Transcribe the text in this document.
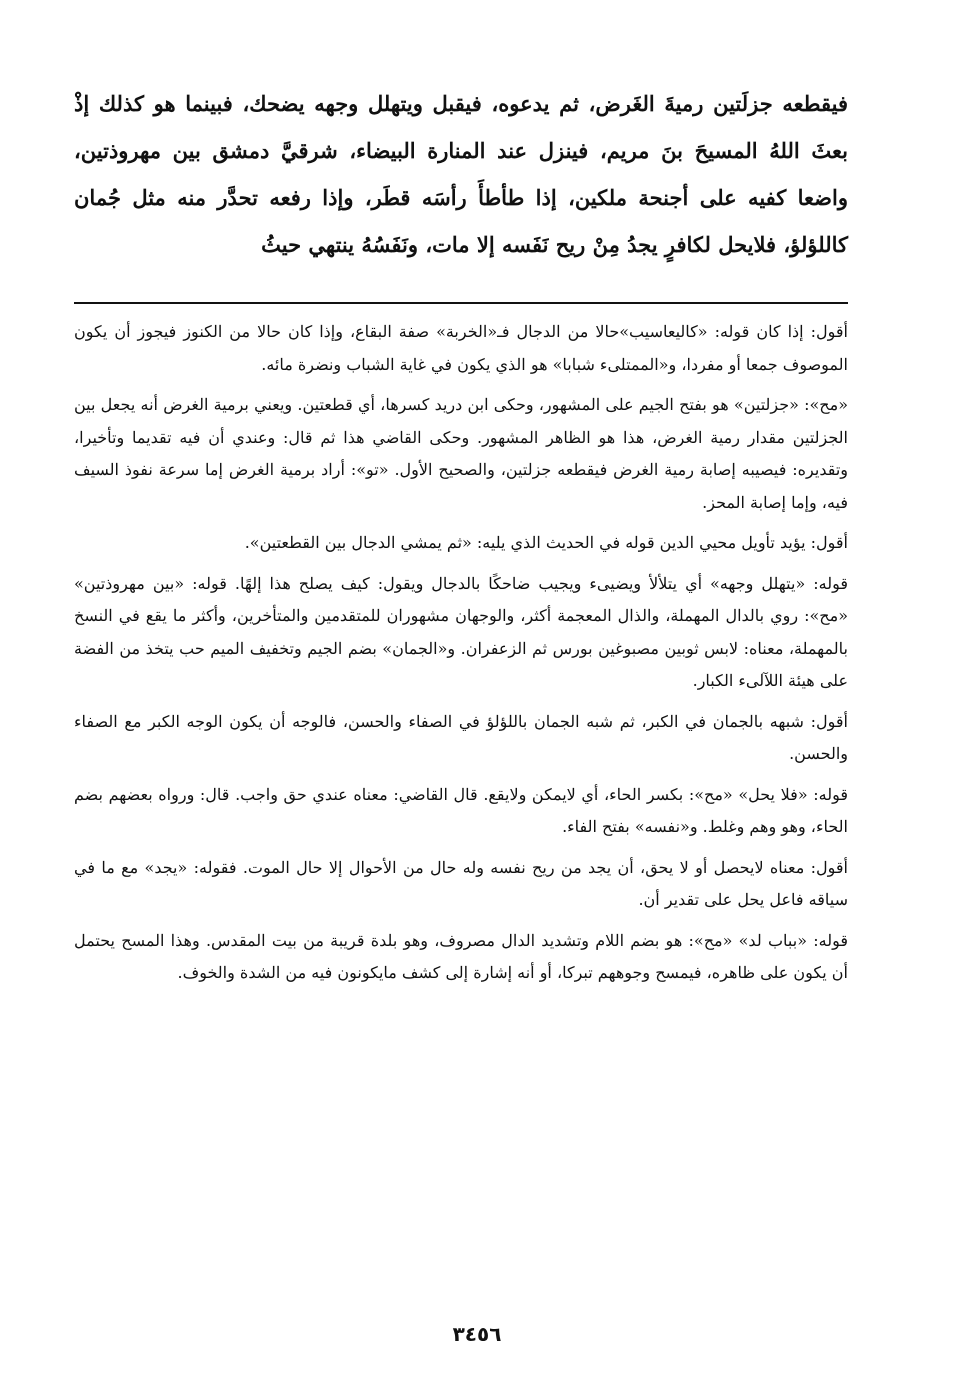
فيقطعه جزلَتين رميةَ الغَرض، ثم يدعوه، فيقبل ويتهلل وجهه يضحك، فبينما هو كذلك إذْ بعثَ اللهُ المسيحَ بنَ مريم، فينزل عند المنارة البيضاء، شرقيَّ دمشق بين مهروذتين، واضعا كفيه على أجنحة ملكين، إذا طأطأَ رأسَه قطَر، وإذا رفعه تحدَّر منه مثل جُمان كاللؤلؤ، فلايحل لكافرٍ يجدُ مِنْ ريح نَفَسه إلا مات، ونَفَسُهُ ينتهي حيثُ

أقول: إذا كان قوله: «كاليعاسيب»حالا من الدجال فـ«الخربة» صفة البقاع، وإذا كان حالا من الكنوز فيجوز أن يكون الموصوف جمعا أو مفردا، و«الممتلىء شبابا» هو الذي يكون في غاية الشباب ونضرة مائه.

«مح»: «جزلتين» هو بفتح الجيم على المشهور، وحكى ابن دريد كسرها، أي قطعتين. ويعني برمية الغرض أنه يجعل بين الجزلتين مقدار رمية الغرض، هذا هو الظاهر المشهور. وحكى القاضي هذا ثم قال: وعندي أن فيه تقديما وتأخيرا، وتقديره: فيصيبه إصابة رمية الغرض فيقطعه جزلتين، والصحيح الأول. «تو»: أراد برمية الغرض إما سرعة نفوذ السيف فيه، وإما إصابة المحز.

أقول: يؤيد تأويل محيي الدين قوله في الحديث الذي يليه: «ثم يمشي الدجال بين القطعتين».

قوله: «يتهلل وجهه» أي يتلألأ ويضيىء ويجيب ضاحكًا بالدجال ويقول: كيف يصلح هذا إلهًا. قوله: «بين مهروذتين» «مح»: روي بالدال المهملة، والذال المعجمة أكثر، والوجهان مشهوران للمتقدمين والمتأخرين، وأكثر ما يقع في النسخ بالمهملة، معناه: لابس ثوبين مصبوغين بورس ثم الزعفران. و«الجمان» بضم الجيم وتخفيف الميم حب يتخذ من الفضة على هيئة اللآلىء الكبار.

أقول: شبهه بالجمان في الكبر، ثم شبه الجمان باللؤلؤ في الصفاء والحسن، فالوجه أن يكون الوجه الكبر مع الصفاء والحسن.

قوله: «فلا يحل» «مح»: بكسر الحاء، أي لايمكن ولايقع. قال القاضي: معناه عندي حق واجب. قال: ورواه بعضهم بضم الحاء، وهو وهم وغلط. و«نفسه» بفتح الفاء.

أقول: معناه لايحصل أو لا يحق، أن يجد من ريح نفسه وله حال من الأحوال إلا حال الموت. فقوله: «يجد» مع ما في سياقه فاعل يحل على تقدير أن.

قوله: «بباب لد» «مح»: هو بضم اللام وتشديد الدال مصروف، وهو بلدة قريبة من بيت المقدس. وهذا المسح يحتمل أن يكون على ظاهره، فيمسح وجوههم تبركا، أو أنه إشارة إلى كشف مايكونون فيه من الشدة والخوف.

٣٤٥٦
